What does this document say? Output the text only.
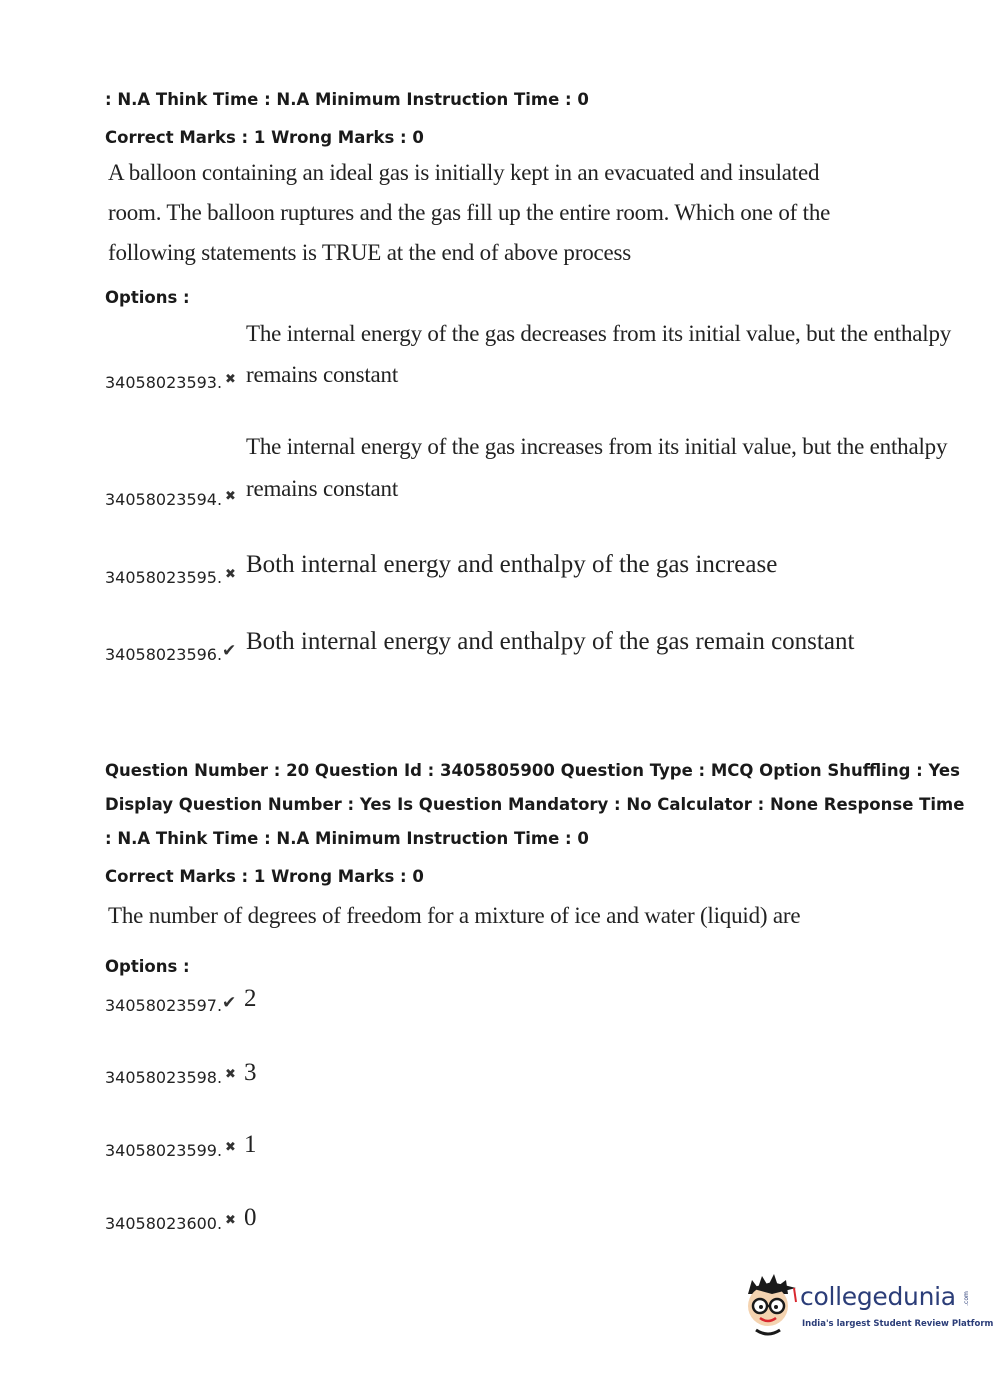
: N.A Think Time : N.A Minimum Instruction Time : 0
Correct Marks : 1 Wrong Marks : 0
A balloon containing an ideal gas is initially kept in an evacuated and insulated
room. The balloon ruptures and the gas fill up the entire room. Which one of the
following statements is TRUE at the end of above process
Options :
The internal energy of the gas decreases from its initial value, but the enthalpy
34058023593. ✖ remains constant
The internal energy of the gas increases from its initial value, but the enthalpy
34058023594. ✖ remains constant
34058023595. ✖ Both internal energy and enthalpy of the gas increase
34058023596. ✔ Both internal energy and enthalpy of the gas remain constant
Question Number : 20 Question Id : 3405805900 Question Type : MCQ Option Shuffling : Yes
Display Question Number : Yes Is Question Mandatory : No Calculator : None Response Time
: N.A Think Time : N.A Minimum Instruction Time : 0
Correct Marks : 1 Wrong Marks : 0
The number of degrees of freedom for a mixture of ice and water (liquid) are
Options :
34058023597. ✔ 2
34058023598. ✖ 3
34058023599. ✖ 1
34058023600. ✖ 0
collegedunia .com
India's largest Student Review Platform
